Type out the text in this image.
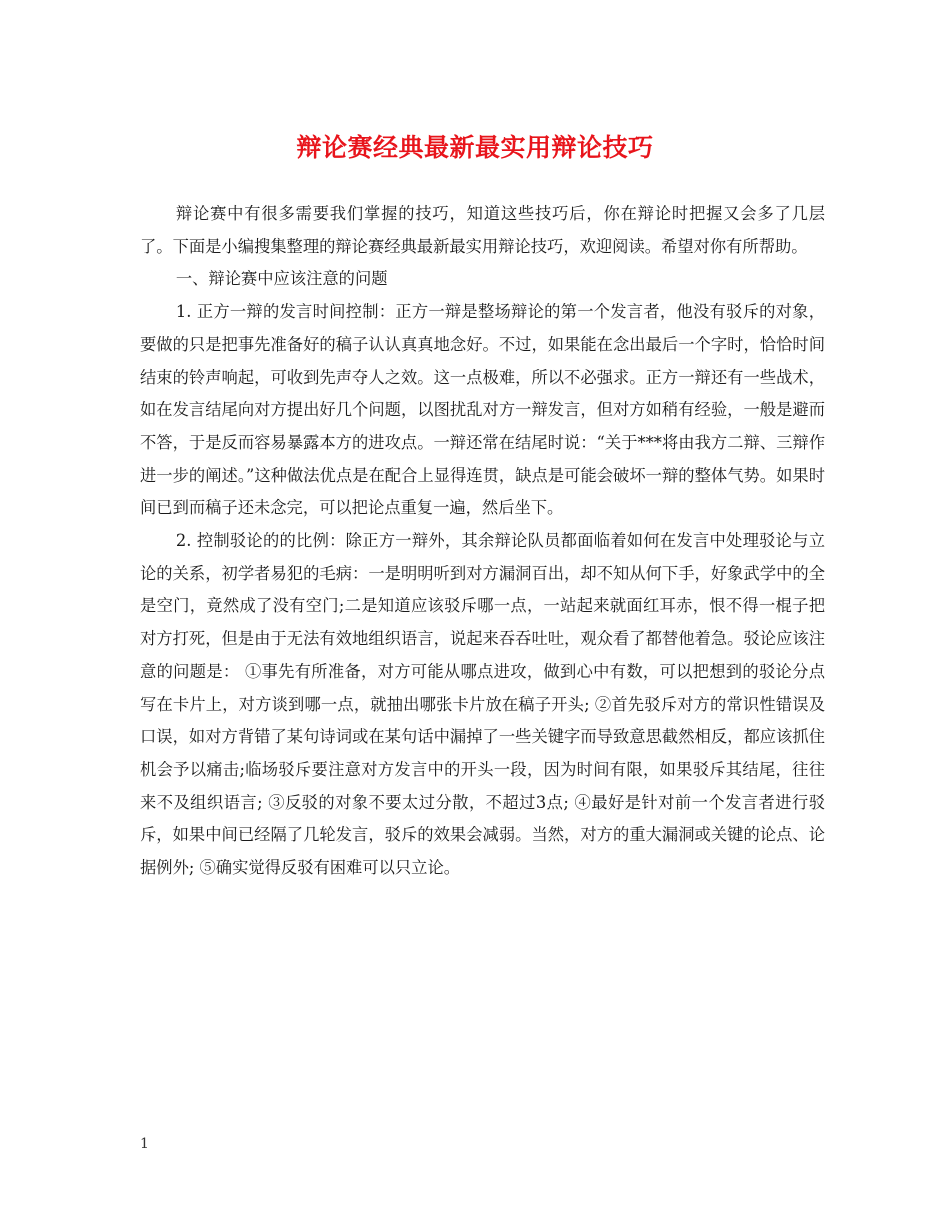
辩论赛经典最新最实用辩论技巧

辩论赛中有很多需要我们掌握的技巧，知道这些技巧后，你在辩论时把握又会多了几层了。下面是小编搜集整理的辩论赛经典最新最实用辩论技巧，欢迎阅读。希望对你有所帮助。

一、辩论赛中应该注意的问题

1. 正方一辩的发言时间控制：正方一辩是整场辩论的第一个发言者，他没有驳斥的对象，要做的只是把事先准备好的稿子认认真真地念好。不过，如果能在念出最后一个字时，恰恰时间结束的铃声响起，可收到先声夺人之效。这一点极难，所以不必强求。正方一辩还有一些战术，如在发言结尾向对方提出好几个问题，以图扰乱对方一辩发言，但对方如稍有经验，一般是避而不答，于是反而容易暴露本方的进攻点。一辩还常在结尾时说：“关于***将由我方二辩、三辩作进一步的阐述。”这种做法优点是在配合上显得连贯，缺点是可能会破坏一辩的整体气势。如果时间已到而稿子还未念完，可以把论点重复一遍，然后坐下。

2. 控制驳论的的比例：除正方一辩外，其余辩论队员都面临着如何在发言中处理驳论与立论的关系，初学者易犯的毛病：一是明明听到对方漏洞百出，却不知从何下手，好象武学中的全是空门，竟然成了没有空门;二是知道应该驳斥哪一点，一站起来就面红耳赤，恨不得一棍子把对方打死，但是由于无法有效地组织语言，说起来吞吞吐吐，观众看了都替他着急。驳论应该注意的问题是： ①事先有所准备，对方可能从哪点进攻，做到心中有数，可以把想到的驳论分点写在卡片上，对方谈到哪一点，就抽出哪张卡片放在稿子开头; ②首先驳斥对方的常识性错误及口误，如对方背错了某句诗词或在某句话中漏掉了一些关键字而导致意思截然相反，都应该抓住机会予以痛击;临场驳斥要注意对方发言中的开头一段，因为时间有限，如果驳斥其结尾，往往来不及组织语言; ③反驳的对象不要太过分散，不超过3点; ④最好是针对前一个发言者进行驳斥，如果中间已经隔了几轮发言，驳斥的效果会减弱。当然，对方的重大漏洞或关键的论点、论据例外; ⑤确实觉得反驳有困难可以只立论。

1
